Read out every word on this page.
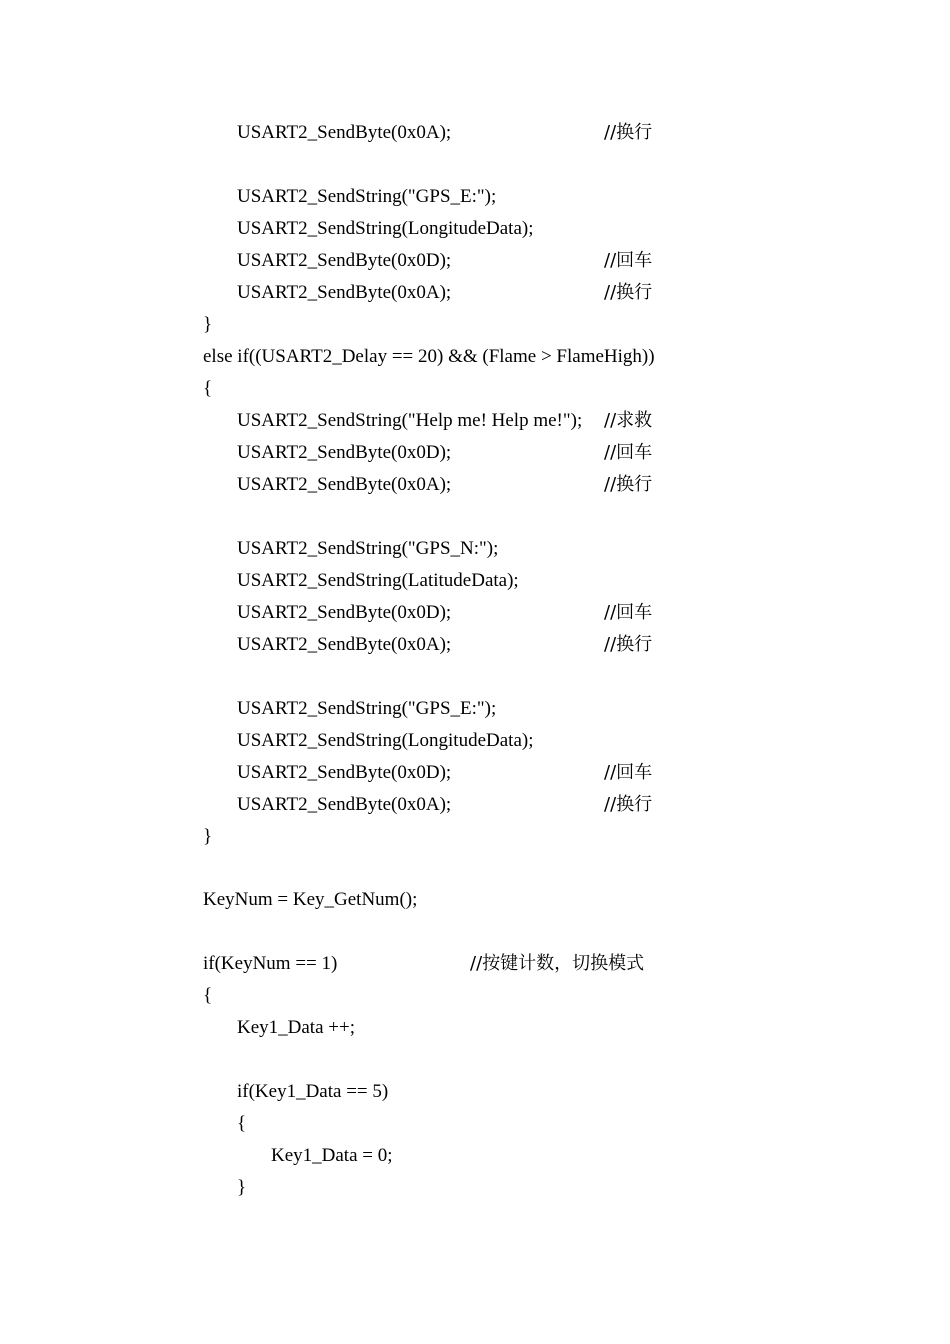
USART2_SendByte(0x0A);

	//换行

USART2_SendString("GPS_E:");

USART2_SendString(LongitudeData);

USART2_SendByte(0x0D);

	//回车

USART2_SendByte(0x0A);

	//换行

}

else if((USART2_Delay == 20) && (Flame > FlameHigh))

{

USART2_SendString("Help me! Help me!");

//求救

USART2_SendByte(0x0D);

	//回车

USART2_SendByte(0x0A);

	//换行

USART2_SendString("GPS_N:");

USART2_SendString(LatitudeData);

USART2_SendByte(0x0D);

	//回车

USART2_SendByte(0x0A);

	//换行

USART2_SendString("GPS_E:");

USART2_SendString(LongitudeData);

USART2_SendByte(0x0D);

	//回车

USART2_SendByte(0x0A);

	//换行

}

KeyNum = Key_GetNum();

if(KeyNum == 1)

	//按键计数，切换模式

{

Key1_Data ++;

if(Key1_Data == 5)

{

Key1_Data = 0;

}
